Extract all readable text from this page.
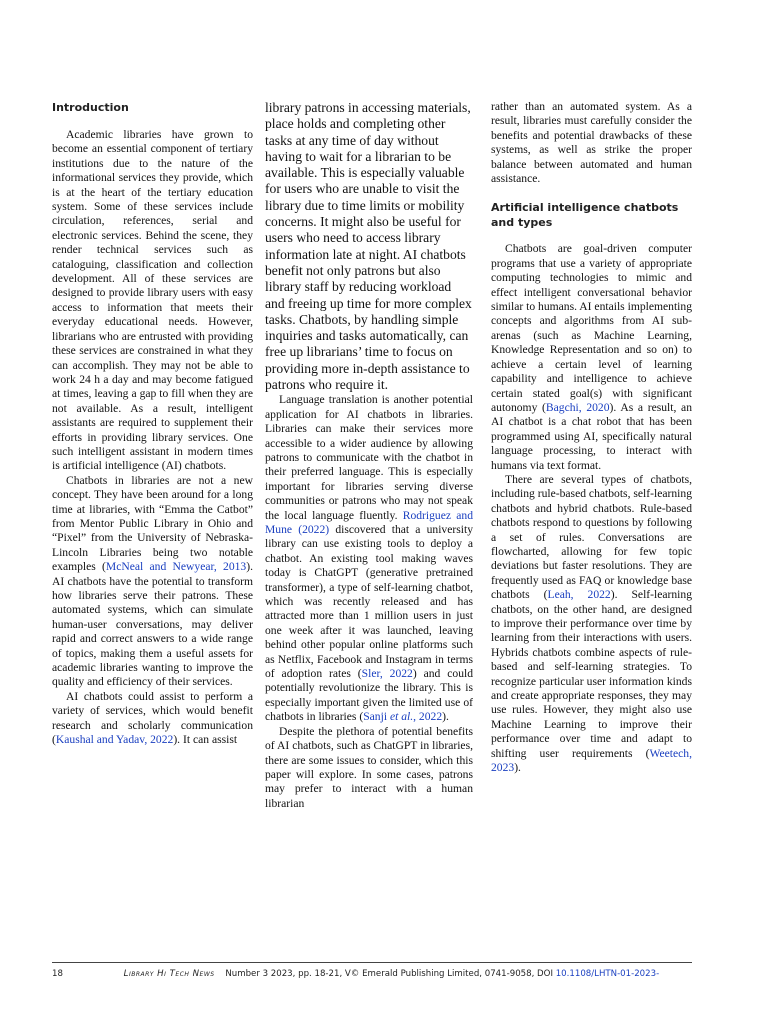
Introduction

Academic libraries have grown to become an essential component of tertiary institutions due to the nature of the informational services they provide, which is at the heart of the tertiary education system. Some of these services include circulation, references, serial and electronic services. Behind the scene, they render technical services such as cataloguing, classification and collection development. All of these services are designed to provide library users with easy access to information that meets their everyday educational needs. However, librarians who are entrusted with providing these services are constrained in what they can accomplish. They may not be able to work 24 h a day and may become fatigued at times, leaving a gap to fill when they are not available. As a result, intelligent assistants are required to supplement their efforts in providing library services. One such intelligent assistant in modern times is artificial intelligence (AI) chatbots.

Chatbots in libraries are not a new concept. They have been around for a long time at libraries, with “Emma the Catbot” from Mentor Public Library in Ohio and “Pixel” from the University of Nebraska-Lincoln Libraries being two notable examples (McNeal and Newyear, 2013). AI chatbots have the potential to transform how libraries serve their patrons. These automated systems, which can simulate human-user conversations, may deliver rapid and correct answers to a wide range of topics, making them a useful assets for academic libraries wanting to improve the quality and efficiency of their services.

AI chatbots could assist to perform a variety of services, which would benefit research and scholarly communication (Kaushal and Yadav, 2022). It can assist

library patrons in accessing materials, place holds and completing other tasks at any time of day without having to wait for a librarian to be available. This is especially valuable for users who are unable to visit the library due to time limits or mobility concerns. It might also be useful for users who need to access library information late at night. AI chatbots benefit not only patrons but also library staff by reducing workload and freeing up time for more complex tasks. Chatbots, by handling simple inquiries and tasks automatically, can free up librarians’ time to focus on providing more in-depth assistance to patrons who require it.

Language translation is another potential application for AI chatbots in libraries. Libraries can make their services more accessible to a wider audience by allowing patrons to communicate with the chatbot in their preferred language. This is especially important for libraries serving diverse communities or patrons who may not speak the local language fluently. Rodriguez and Mune (2022) discovered that a university library can use existing tools to deploy a chatbot. An existing tool making waves today is ChatGPT (generative pretrained transformer), a type of self-learning chatbot, which was recently released and has attracted more than 1 million users in just one week after it was launched, leaving behind other popular online platforms such as Netflix, Facebook and Instagram in terms of adoption rates (Sler, 2022) and could potentially revolutionize the library. This is especially important given the limited use of chatbots in libraries (Sanji et al., 2022).

Despite the plethora of potential benefits of AI chatbots, such as ChatGPT in libraries, there are some issues to consider, which this paper will explore. In some cases, patrons may prefer to interact with a human librarian

rather than an automated system. As a result, libraries must carefully consider the benefits and potential drawbacks of these systems, as well as strike the proper balance between automated and human assistance.

Artificial intelligence chatbots and types

Chatbots are goal-driven computer programs that use a variety of appropriate computing technologies to mimic and effect intelligent conversational behavior similar to humans. AI entails implementing concepts and algorithms from AI sub-arenas (such as Machine Learning, Knowledge Representation and so on) to achieve a certain level of learning capability and intelligence to achieve certain stated goal(s) with significant autonomy (Bagchi, 2020). As a result, an AI chatbot is a chat robot that has been programmed using AI, specifically natural language processing, to interact with humans via text format.

There are several types of chatbots, including rule-based chatbots, self-learning chatbots and hybrid chatbots. Rule-based chatbots respond to questions by following a set of rules. Conversations are flowcharted, allowing for few topic deviations but faster resolutions. They are frequently used as FAQ or knowledge base chatbots (Leah, 2022). Self-learning chatbots, on the other hand, are designed to improve their performance over time by learning from their interactions with users. Hybrids chatbots combine aspects of rule-based and self-learning strategies. To recognize particular user information kinds and create appropriate responses, they may use rules. However, they might also use Machine Learning to improve their performance over time and adapt to shifting user requirements (Weetech, 2023).

18	Library Hi Tech News Number 3 2023, pp. 18-21, V© Emerald Publishing Limited, 0741-9058, DOI 10.1108/LHTN-01-2023-
